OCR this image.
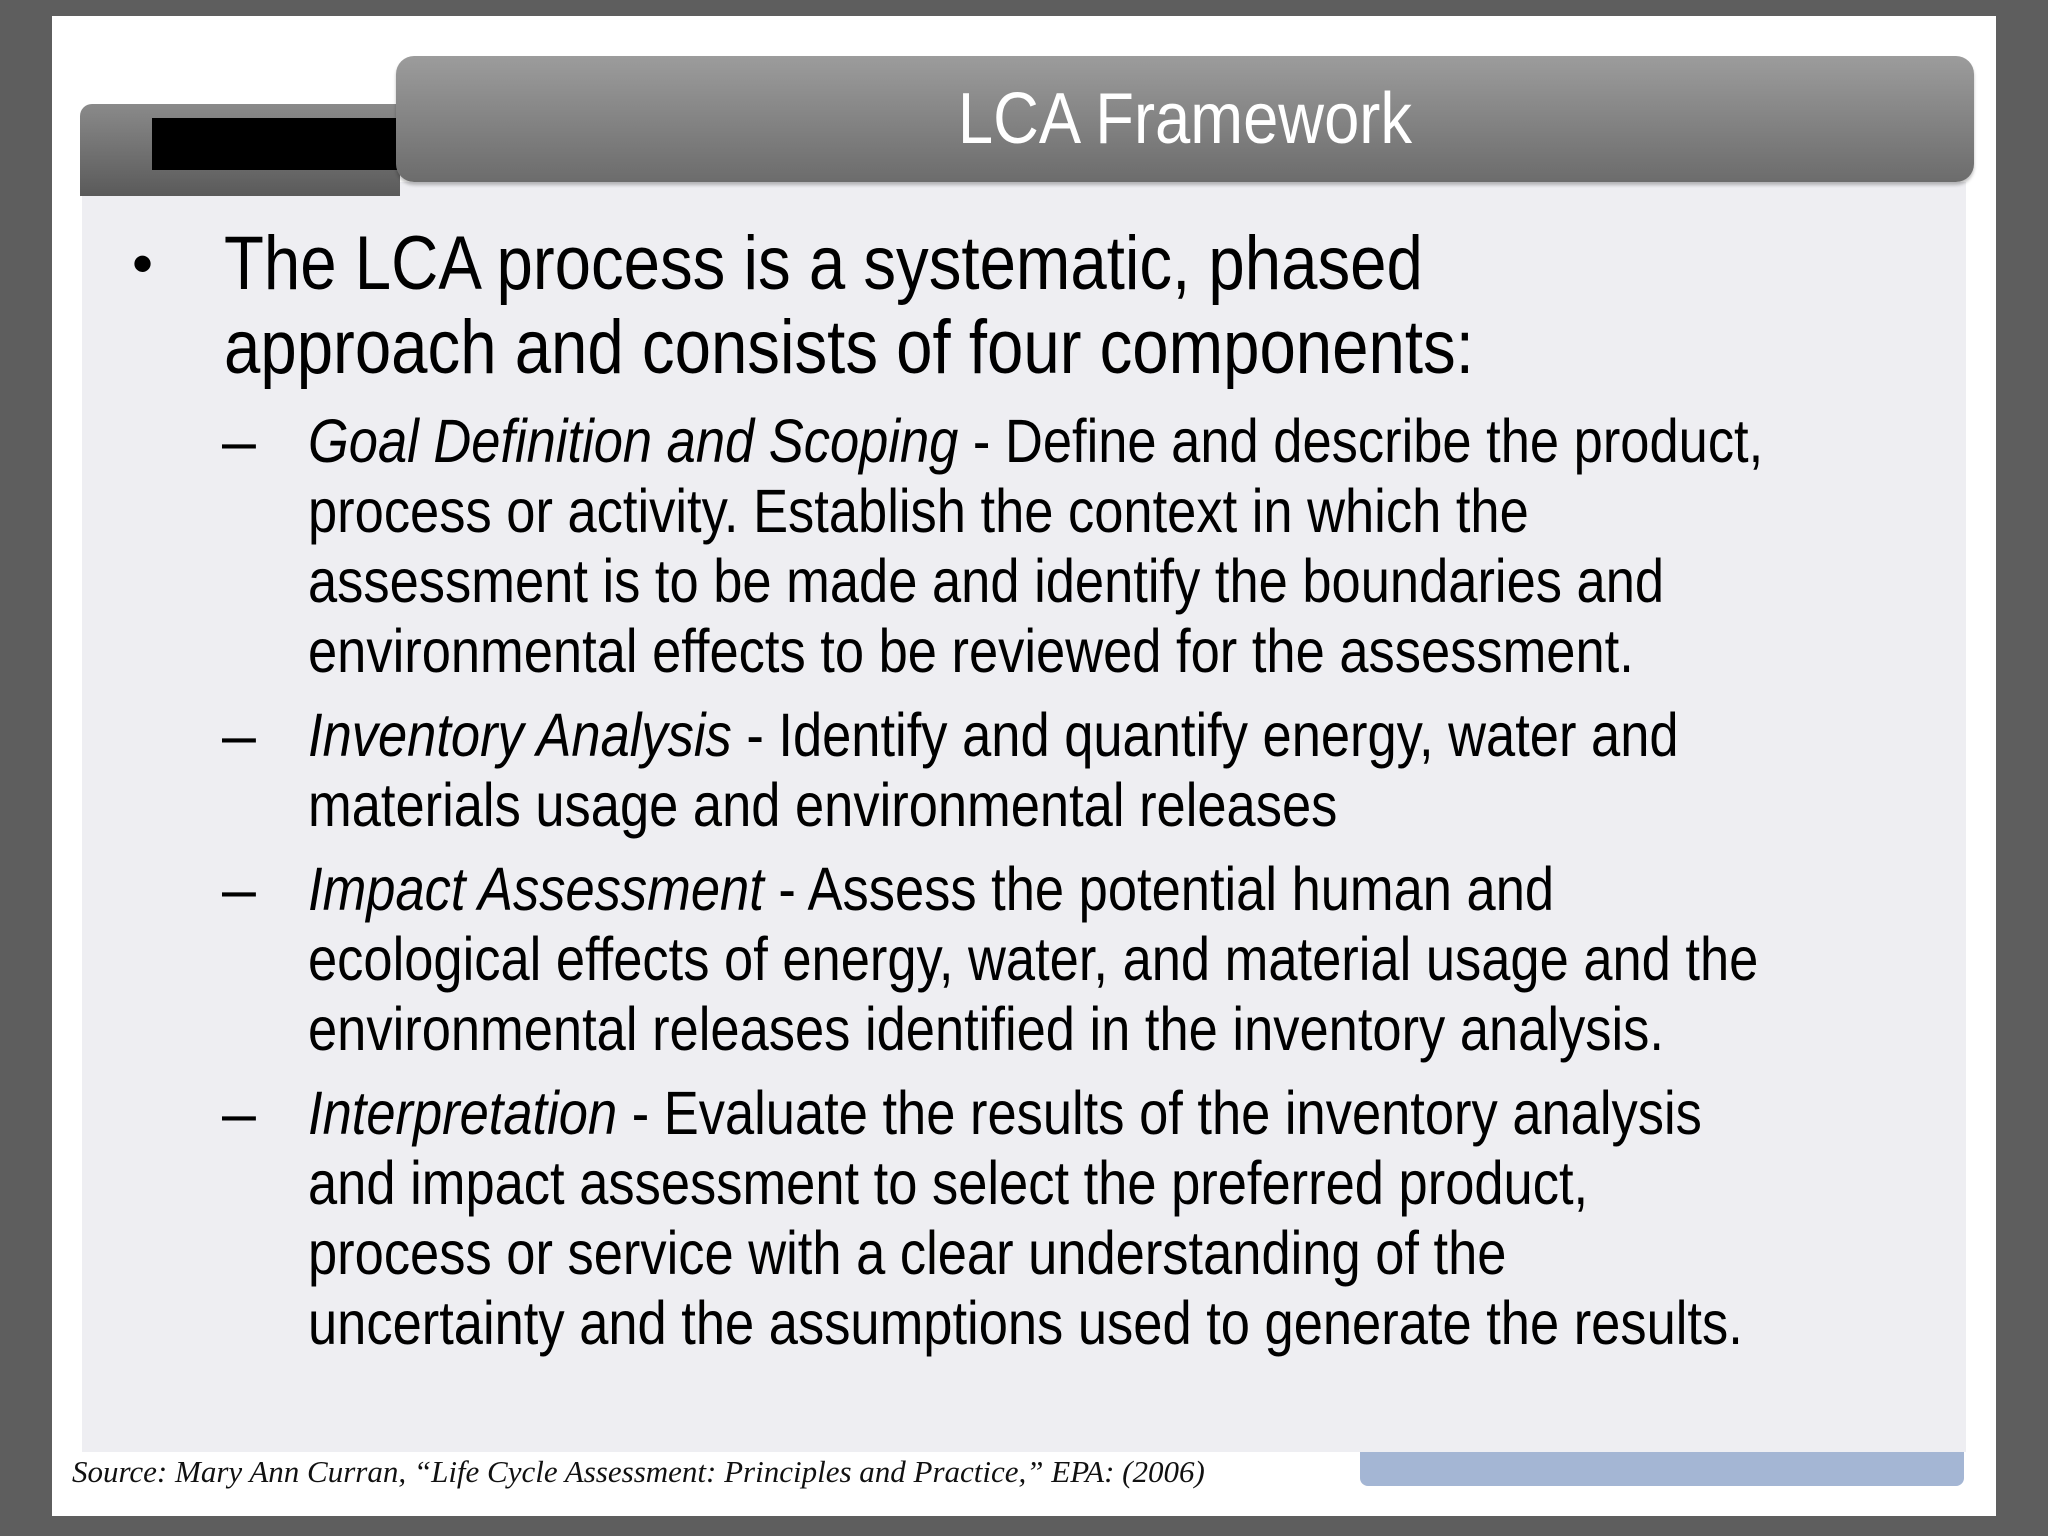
LCA Framework
• The LCA process is a systematic, phased approach and consists of four components:
– Goal Definition and Scoping - Define and describe the product, process or activity. Establish the context in which the assessment is to be made and identify the boundaries and environmental effects to be reviewed for the assessment.
– Inventory Analysis - Identify and quantify energy, water and materials usage and environmental releases
– Impact Assessment - Assess the potential human and ecological effects of energy, water, and material usage and the environmental releases identified in the inventory analysis.
– Interpretation - Evaluate the results of the inventory analysis and impact assessment to select the preferred product, process or service with a clear understanding of the uncertainty and the assumptions used to generate the results.
Source: Mary Ann Curran, “Life Cycle Assessment: Principles and Practice,” EPA: (2006)
